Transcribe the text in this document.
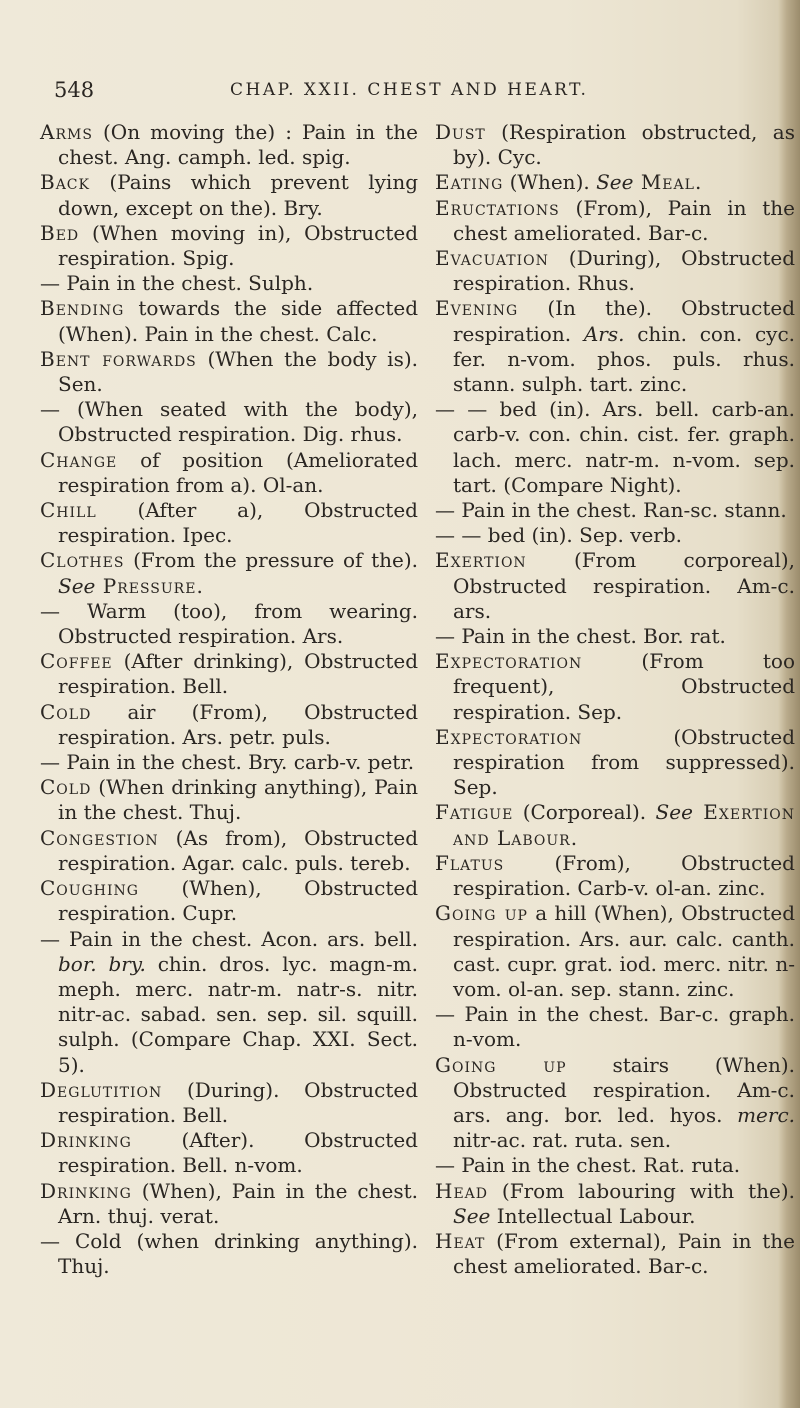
548	CHAP. XXII. CHEST AND HEART.

Arms (On moving the) : Pain in the chest. Ang. camph. led. spig.

Back (Pains which prevent lying down, except on the). Bry.

Bed (When moving in), Obstructed respiration. Spig.

— Pain in the chest. Sulph.

Bending towards the side affected (When). Pain in the chest. Calc.

Bent forwards (When the body is). Sen.

— (When seated with the body), Obstructed respiration. Dig. rhus.

Change of position (Ameliorated respiration from a). Ol-an.

Chill (After a), Obstructed respiration. Ipec.

Clothes (From the pressure of the). See Pressure.

— Warm (too), from wearing. Obstructed respiration. Ars.

Coffee (After drinking), Obstructed respiration. Bell.

Cold air (From), Obstructed respiration. Ars. petr. puls.

— Pain in the chest. Bry. carb-v. petr.

Cold (When drinking anything), Pain in the chest. Thuj.

Congestion (As from), Obstructed respiration. Agar. calc. puls. tereb.

Coughing (When), Obstructed respiration. Cupr.

— Pain in the chest. Acon. ars. bell. bor. bry. chin. dros. lyc. magn-m. meph. merc. natr-m. natr-s. nitr. nitr-ac. sabad. sen. sep. sil. squill. sulph. (Compare Chap. XXI. Sect. 5).

Deglutition (During). Obstructed respiration. Bell.

Drinking (After). Obstructed respiration. Bell. n-vom.

Drinking (When), Pain in the chest. Arn. thuj. verat.

— Cold (when drinking anything). Thuj.

Dust (Respiration obstructed, as by). Cyc.

Eating (When). See Meal.

Eructations (From), Pain in the chest ameliorated. Bar-c.

Evacuation (During), Obstructed respiration. Rhus.

Evening (In the). Obstructed respiration. Ars. chin. con. cyc. fer. n-vom. phos. puls. rhus. stann. sulph. tart. zinc.

— — bed (in). Ars. bell. carb-an. carb-v. con. chin. cist. fer. graph. lach. merc. natr-m. n-vom. sep. tart. (Compare Night).

— Pain in the chest. Ran-sc. stann.

— — bed (in). Sep. verb.

Exertion (From corporeal), Obstructed respiration. Am-c. ars.

— Pain in the chest. Bor. rat.

Expectoration (From too frequent), Obstructed respiration. Sep.

Expectoration (Obstructed respiration from suppressed). Sep.

Fatigue (Corporeal). See Exertion and Labour.

Flatus (From), Obstructed respiration. Carb-v. ol-an. zinc.

Going up a hill (When), Obstructed respiration. Ars. aur. calc. canth. cast. cupr. grat. iod. merc. nitr. n-vom. ol-an. sep. stann. zinc.

— Pain in the chest. Bar-c. graph. n-vom.

Going up stairs (When). Obstructed respiration. Am-c. ars. ang. bor. led. hyos. merc. nitr-ac. rat. ruta. sen.

— Pain in the chest. Rat. ruta.

Head (From labouring with the). See Intellectual Labour.

Heat (From external), Pain in the chest ameliorated. Bar-c.
